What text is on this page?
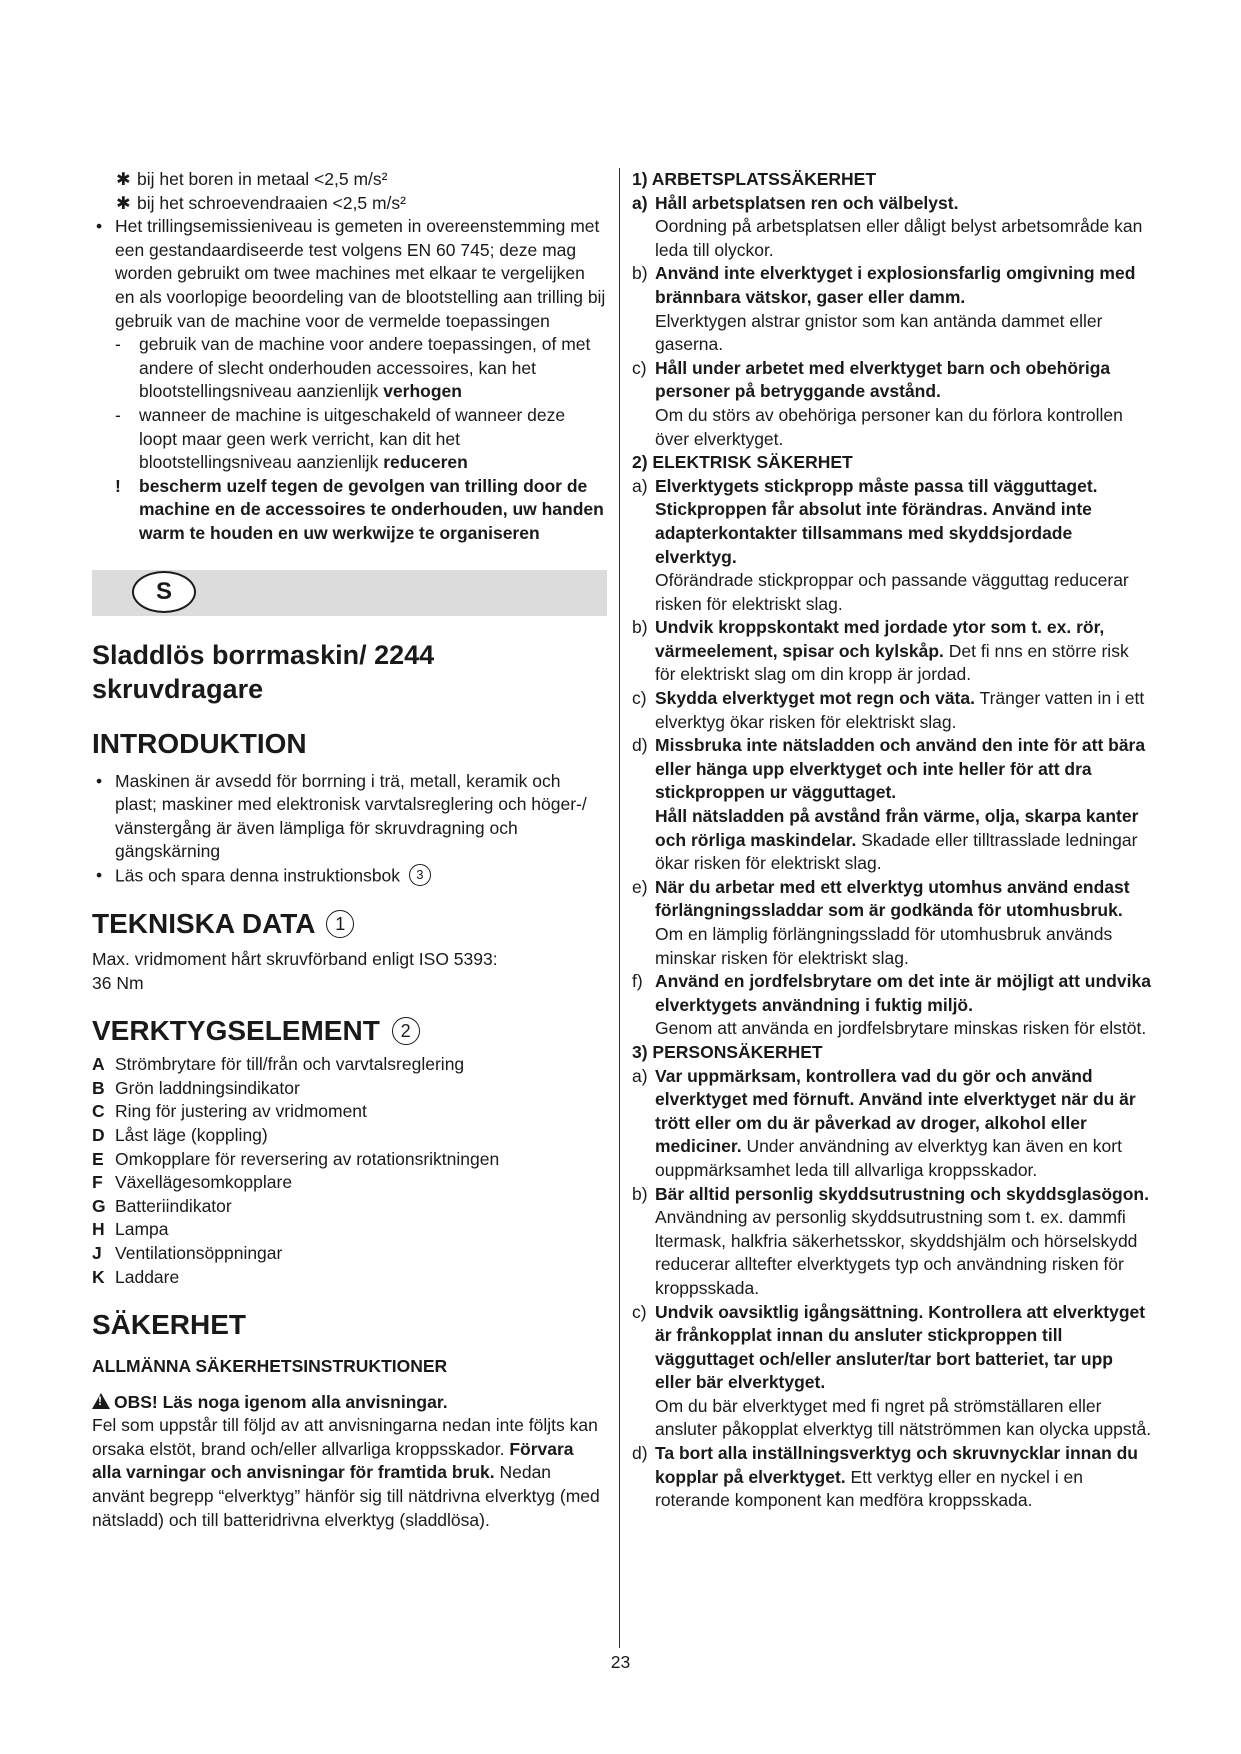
✱ bij het boren in metaal <2,5 m/s²
✱ bij het schroevendraaien <2,5 m/s²
• Het trillingsemissieniveau is gemeten in overeenstemming met een gestandaardiseerde test volgens EN 60 745; deze mag worden gebruikt om twee machines met elkaar te vergelijken en als voorlopige beoordeling van de blootstelling aan trilling bij gebruik van de machine voor de vermelde toepassingen
- gebruik van de machine voor andere toepassingen, of met andere of slecht onderhouden accessoires, kan het blootstellingsniveau aanzienlijk verhogen
- wanneer de machine is uitgeschakeld of wanneer deze loopt maar geen werk verricht, kan dit het blootstellingsniveau aanzienlijk reduceren
! bescherm uzelf tegen de gevolgen van trilling door de machine en de accessoires te onderhouden, uw handen warm te houden en uw werkwijze te organiseren
S
Sladdlös borrmaskin/ 2244
skruvdragare
INTRODUKTION
• Maskinen är avsedd för borrning i trä, metall, keramik och plast; maskiner med elektronisk varvtalsreglering och höger-/ vänstergång är även lämpliga för skruvdragning och gängskärning
• Läs och spara denna instruktionsbok 3
TEKNISKA DATA 1

Max. vridmoment hårt skruvförband enligt ISO 5393:

36 Nm

VERKTYGSELEMENT 2
A Strömbrytare för till/från och varvtalsreglering
B Grön laddningsindikator
C Ring för justering av vridmoment
D Låst läge (koppling)
E Omkopplare för reversering av rotationsriktningen
F Växellägesomkopplare
G Batteriindikator
H Lampa
J Ventilationsöppningar
K Laddare
SÄKERHET
ALLMÄNNA SÄKERHETSINSTRUKTIONER

!OBS! Läs noga igenom alla anvisningar.

Fel som uppstår till följd av att anvisningarna nedan inte följts kan orsaka elstöt, brand och/eller allvarliga kroppsskador. Förvara alla varningar och anvisningar för framtida bruk. Nedan använt begrepp “elverktyg” hänför sig till nätdrivna elverktyg (med nätsladd) och till batteridrivna elverktyg (sladdlösa).

1) ARBETSPLATSSÄKERHET
a) Håll arbetsplatsen ren och välbelyst.
Oordning på arbetsplatsen eller dåligt belyst arbetsområde kan leda till olyckor.
b) Använd inte elverktyget i explosionsfarlig omgivning med brännbara vätskor, gaser eller damm.
Elverktygen alstrar gnistor som kan antända dammet eller gaserna.
c) Håll under arbetet med elverktyget barn och obehöriga personer på betryggande avstånd.
Om du störs av obehöriga personer kan du förlora kontrollen över elverktyget.
2) ELEKTRISK SÄKERHET
a) Elverktygets stickpropp måste passa till vägguttaget. Stickproppen får absolut inte förändras. Använd inte adapterkontakter tillsammans med skyddsjordade elverktyg.
Oförändrade stickproppar och passande vägguttag reducerar risken för elektriskt slag.
b) Undvik kroppskontakt med jordade ytor som t. ex. rör, värmeelement, spisar och kylskåp. Det fi nns en större risk för elektriskt slag om din kropp är jordad.
c) Skydda elverktyget mot regn och väta. Tränger vatten in i ett elverktyg ökar risken för elektriskt slag.
d) Missbruka inte nätsladden och använd den inte för att bära eller hänga upp elverktyget och inte heller för att dra stickproppen ur vägguttaget.
Håll nätsladden på avstånd från värme, olja, skarpa kanter och rörliga maskindelar. Skadade eller tilltrasslade ledningar ökar risken för elektriskt slag.
e) När du arbetar med ett elverktyg utomhus använd endast förlängningssladdar som är godkända för utomhusbruk. Om en lämplig förlängningssladd för utomhusbruk används minskar risken för elektriskt slag.
f) Använd en jordfelsbrytare om det inte är möjligt att undvika elverktygets användning i fuktig miljö.
Genom att använda en jordfelsbrytare minskas risken för elstöt.
3) PERSONSÄKERHET
a) Var uppmärksam, kontrollera vad du gör och använd elverktyget med förnuft. Använd inte elverktyget när du är trött eller om du är påverkad av droger, alkohol eller mediciner. Under användning av elverktyg kan även en kort ouppmärksamhet leda till allvarliga kroppsskador.
b) Bär alltid personlig skyddsutrustning och skyddsglasögon. Användning av personlig skyddsutrustning som t. ex. dammfi ltermask, halkfria säkerhetsskor, skyddshjälm och hörselskydd reducerar alltefter elverktygets typ och användning risken för kroppsskada.
c) Undvik oavsiktlig igångsättning. Kontrollera att elverktyget är frånkopplat innan du ansluter stickproppen till vägguttaget och/eller ansluter/tar bort batteriet, tar upp eller bär elverktyget.
Om du bär elverktyget med fi ngret på strömställaren eller ansluter påkopplat elverktyg till nätströmmen kan olycka uppstå.
d) Ta bort alla inställningsverktyg och skruvnycklar innan du kopplar på elverktyget. Ett verktyg eller en nyckel i en roterande komponent kan medföra kroppsskada.
23
